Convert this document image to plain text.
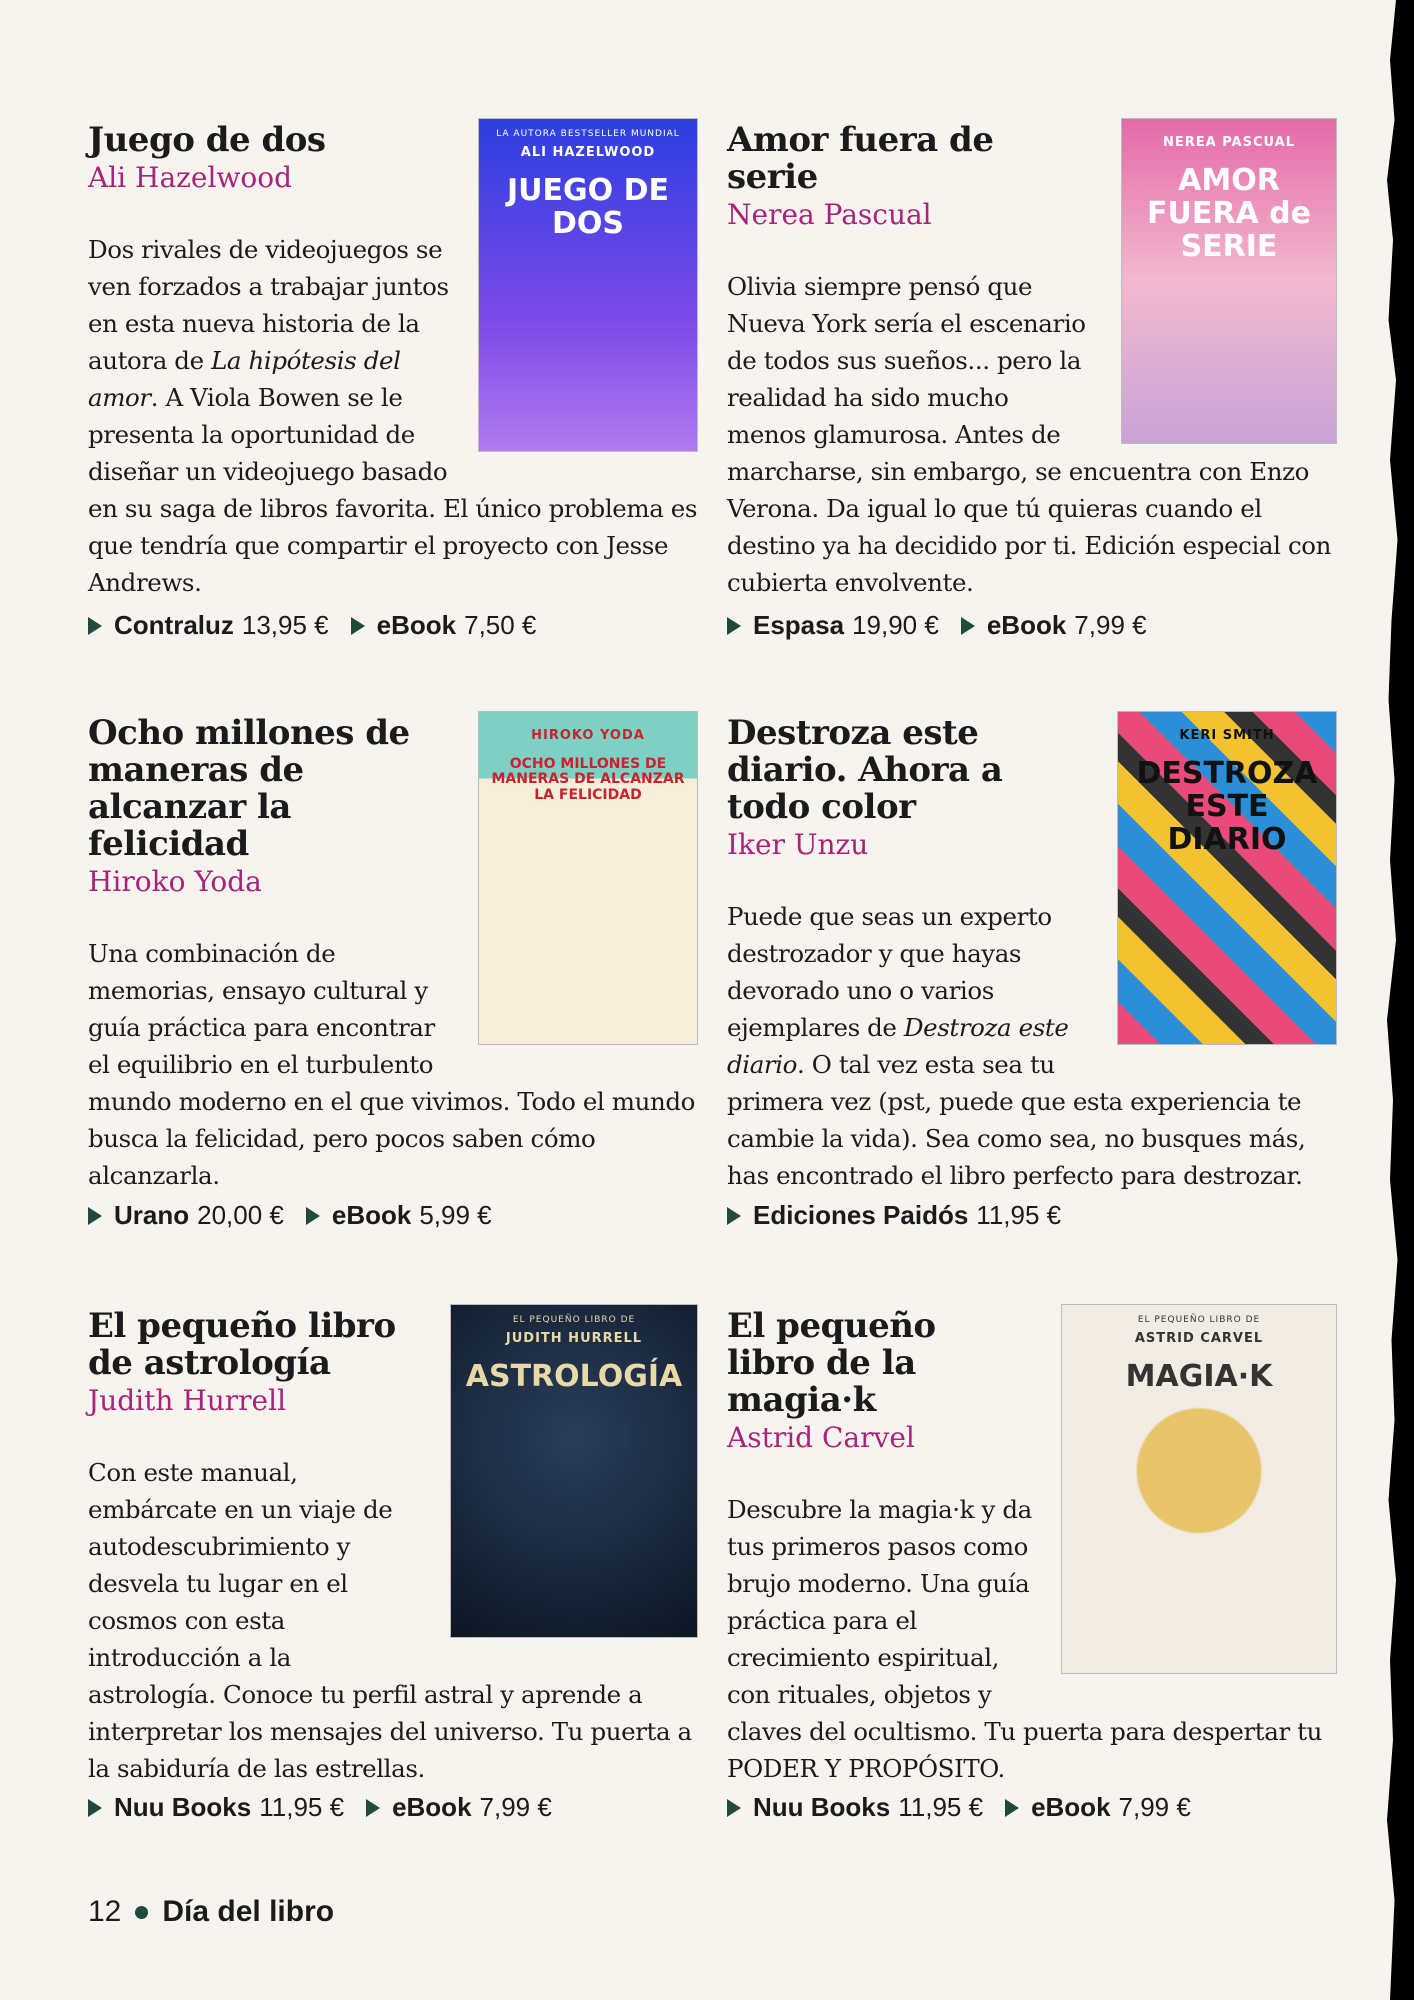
LA AUTORA BESTSELLER MUNDIAL
ALI HAZELWOOD
JUEGO DE DOS
Juego de dos
Ali Hazelwood

Dos rivales de videojuegos se ven forzados a trabajar juntos en esta nueva historia de la autora de La hipótesis del amor. A Viola Bowen se le presenta la oportunidad de diseñar un videojuego basado en su saga de libros favorita. El único problema es que tendría que compartir el proyecto con Jesse Andrews.

Contraluz 13,95 € eBook 7,50 €
NEREA PASCUAL
AMOR FUERA de SERIE
Amor fuera de serie
Nerea Pascual

Olivia siempre pensó que Nueva York sería el escenario de todos sus sueños... pero la realidad ha sido mucho menos glamurosa. Antes de marcharse, sin embargo, se encuentra con Enzo Verona. Da igual lo que tú quieras cuando el destino ya ha decidido por ti. Edición especial con cubierta envolvente.

Espasa 19,90 € eBook 7,99 €
HIROKO YODA
OCHO MILLONES DE MANERAS DE ALCANZAR LA FELICIDAD
Ocho millones de maneras de alcanzar la felicidad
Hiroko Yoda

Una combinación de memorias, ensayo cultural y guía práctica para encontrar el equilibrio en el turbulento mundo moderno en el que vivimos. Todo el mundo busca la felicidad, pero pocos saben cómo alcanzarla.

Urano 20,00 € eBook 5,99 €
KERI SMITH
DESTROZA ESTE DIARIO
Destroza este diario. Ahora a todo color
Iker Unzu

Puede que seas un experto destrozador y que hayas devorado uno o varios ejemplares de Destroza este diario. O tal vez esta sea tu primera vez (pst, puede que esta experiencia te cambie la vida). Sea como sea, no busques más, has encontrado el libro perfecto para destrozar.

Ediciones Paidós 11,95 €
EL PEQUEÑO LIBRO DE
JUDITH HURRELL
ASTROLOGÍA
El pequeño libro de astrología
Judith Hurrell

Con este manual, embárcate en un viaje de autodescubrimiento y desvela tu lugar en el cosmos con esta introducción a la astrología. Conoce tu perfil astral y aprende a interpretar los mensajes del universo. Tu puerta a la sabiduría de las estrellas.

Nuu Books 11,95 € eBook 7,99 €
EL PEQUEÑO LIBRO DE
ASTRID CARVEL
MAGIA·K
El pequeño libro de la magia·k
Astrid Carvel

Descubre la magia·k y da tus primeros pasos como brujo moderno. Una guía práctica para el crecimiento espiritual, con rituales, objetos y claves del ocultismo. Tu puerta para despertar tu PODER Y PROPÓSITO.

Nuu Books 11,95 € eBook 7,99 €
12 Día del libro
